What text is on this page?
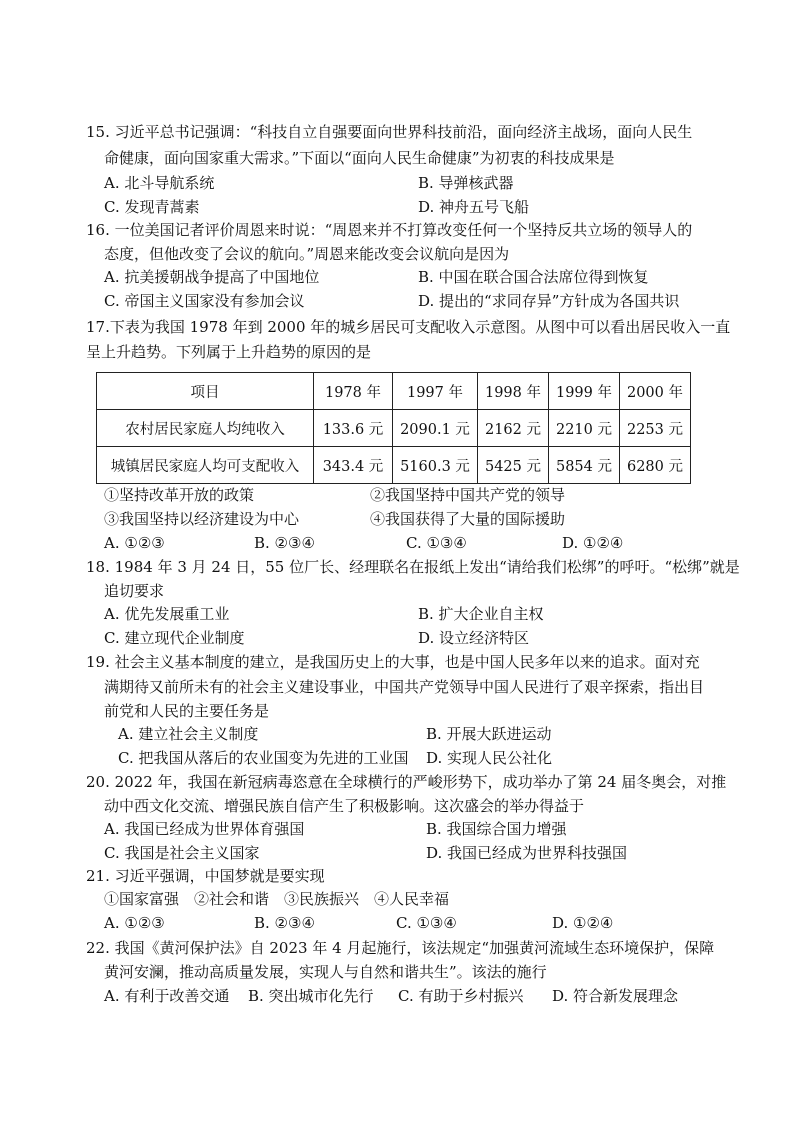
15. 习近平总书记强调：“科技自立自强要面向世界科技前沿，面向经济主战场，面向人民生
命健康，面向国家重大需求。”下面以“面向人民生命健康”为初衷的科技成果是
A. 北斗导航系统	B. 导弹核武器
C. 发现青蒿素	D. 神舟五号飞船
16. 一位美国记者评价周恩来时说：“周恩来并不打算改变任何一个坚持反共立场的领导人的
态度，但他改变了会议的航向。”周恩来能改变会议航向是因为
A. 抗美援朝战争提高了中国地位	B. 中国在联合国合法席位得到恢复
C. 帝国主义国家没有参加会议	D. 提出的“求同存异”方针成为各国共识
17.下表为我国 1978 年到 2000 年的城乡居民可支配收入示意图。从图中可以看出居民收入一直
呈上升趋势。下列属于上升趋势的原因的是
项目	1978 年	1997 年	1998 年	1999 年	2000 年
农村居民家庭人均纯收入	133.6 元	2090.1 元	2162 元	2210 元	2253 元
城镇居民家庭人均可支配收入	343.4 元	5160.3 元	5425 元	5854 元	6280 元
①坚持改革开放的政策	②我国坚持中国共产党的领导
③我国坚持以经济建设为中心	④我国获得了大量的国际援助
A. ①②③	B. ②③④	C. ①③④	D. ①②④
18. 1984 年 3 月 24 日，55 位厂长、经理联名在报纸上发出“请给我们松绑”的呼吁。“松绑”就是
追切要求
A. 优先发展重工业	B. 扩大企业自主权
C. 建立现代企业制度	D. 设立经济特区
19. 社会主义基本制度的建立，是我国历史上的大事，也是中国人民多年以来的追求。面对充
满期待又前所未有的社会主义建设事业，中国共产党领导中国人民进行了艰辛探索，指出目
前党和人民的主要任务是
A. 建立社会主义制度	B. 开展大跃进运动
C. 把我国从落后的农业国变为先进的工业国 D. 实现人民公社化
20. 2022 年，我国在新冠病毒恣意在全球横行的严峻形势下，成功举办了第 24 届冬奥会，对推
动中西文化交流、增强民族自信产生了积极影响。这次盛会的举办得益于
A. 我国已经成为世界体育强国	B. 我国综合国力增强
C. 我国是社会主义国家	D. 我国已经成为世界科技强国
21. 习近平强调，中国梦就是要实现
①国家富强　②社会和谐　③民族振兴　④人民幸福
A. ①②③	B. ②③④	C. ①③④	D. ①②④
22. 我国《黄河保护法》自 2023 年 4 月起施行，该法规定“加强黄河流域生态环境保护，保障
黄河安澜，推动高质量发展，实现人与自然和谐共生”。该法的施行
A. 有利于改善交通 B. 突出城市化先行 C. 有助于乡村振兴 D. 符合新发展理念
